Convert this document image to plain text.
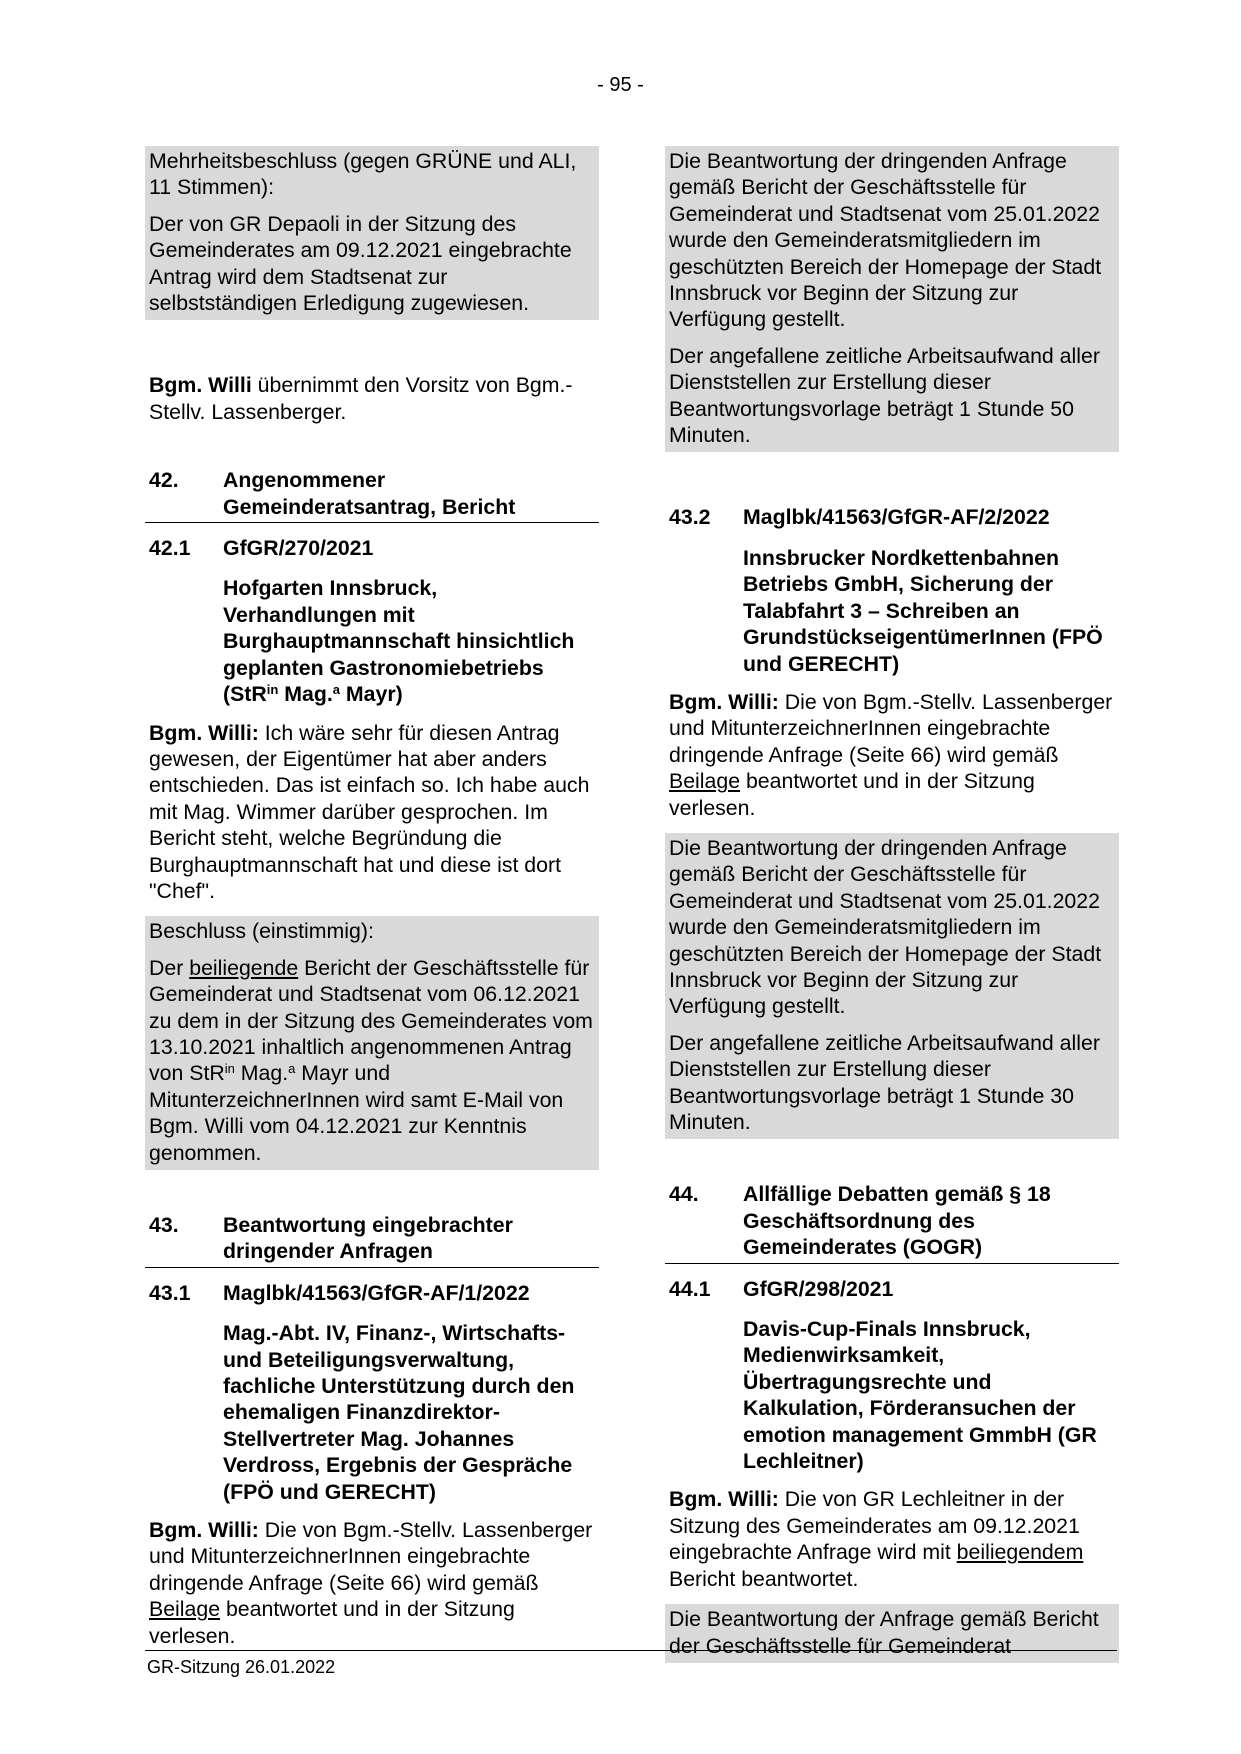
- 95 -

Mehrheitsbeschluss (gegen GRÜNE und ALI, 11 Stimmen):

Der von GR Depaoli in der Sitzung des Gemeinderates am 09.12.2021 eingebrachte Antrag wird dem Stadtsenat zur selbstständigen Erledigung zugewiesen.

Bgm. Willi übernimmt den Vorsitz von Bgm.-Stellv. Lassenberger.

42.	Angenommener Gemeinderatsantrag, Bericht
42.1	GfGR/270/2021

Hofgarten Innsbruck, Verhandlungen mit Burghauptmannschaft hinsichtlich geplanten Gastronomiebetriebs (StR$^{in}$ Mag.$^a$ Mayr)

Bgm. Willi: Ich wäre sehr für diesen Antrag gewesen, der Eigentümer hat aber anders entschieden. Das ist einfach so. Ich habe auch mit Mag. Wimmer darüber gesprochen. Im Bericht steht, welche Begründung die Burghauptmannschaft hat und diese ist dort "Chef".

Beschluss (einstimmig):

Der beiliegende Bericht der Geschäftsstelle für Gemeinderat und Stadtsenat vom 06.12.2021 zu dem in der Sitzung des Gemeinderates vom 13.10.2021 inhaltlich angenommenen Antrag von StR$^{in}$ Mag.$^a$ Mayr und MitunterzeichnerInnen wird samt E-Mail von Bgm. Willi vom 04.12.2021 zur Kenntnis genommen.

43.	Beantwortung eingebrachter dringender Anfragen
43.1	Maglbk/41563/GfGR-AF/1/2022

Mag.-Abt. IV, Finanz-, Wirtschafts- und Beteiligungsverwaltung, fachliche Unterstützung durch den ehemaligen Finanzdirektor-Stellvertreter Mag. Johannes Verdross, Ergebnis der Gespräche (FPÖ und GERECHT)

Bgm. Willi: Die von Bgm.-Stellv. Lassenberger und MitunterzeichnerInnen eingebrachte dringende Anfrage (Seite 66) wird gemäß Beilage beantwortet und in der Sitzung verlesen.

Die Beantwortung der dringenden Anfrage gemäß Bericht der Geschäftsstelle für Gemeinderat und Stadtsenat vom 25.01.2022 wurde den Gemeinderatsmitgliedern im geschützten Bereich der Homepage der Stadt Innsbruck vor Beginn der Sitzung zur Verfügung gestellt.

Der angefallene zeitliche Arbeitsaufwand aller Dienststellen zur Erstellung dieser Beantwortungsvorlage beträgt 1 Stunde 50 Minuten.

43.2	Maglbk/41563/GfGR-AF/2/2022

Innsbrucker Nordkettenbahnen Betriebs GmbH, Sicherung der Talabfahrt 3 – Schreiben an GrundstückseigentümerInnen (FPÖ und GERECHT)

Bgm. Willi: Die von Bgm.-Stellv. Lassenberger und MitunterzeichnerInnen eingebrachte dringende Anfrage (Seite 66) wird gemäß Beilage beantwortet und in der Sitzung verlesen.

Die Beantwortung der dringenden Anfrage gemäß Bericht der Geschäftsstelle für Gemeinderat und Stadtsenat vom 25.01.2022 wurde den Gemeinderatsmitgliedern im geschützten Bereich der Homepage der Stadt Innsbruck vor Beginn der Sitzung zur Verfügung gestellt.

Der angefallene zeitliche Arbeitsaufwand aller Dienststellen zur Erstellung dieser Beantwortungsvorlage beträgt 1 Stunde 30 Minuten.

44.	Allfällige Debatten gemäß § 18 Geschäftsordnung des Gemeinderates (GOGR)
44.1	GfGR/298/2021

Davis-Cup-Finals Innsbruck, Medienwirksamkeit, Übertragungsrechte und Kalkulation, Förderansuchen der emotion management GmmbH (GR Lechleitner)

Bgm. Willi: Die von GR Lechleitner in der Sitzung des Gemeinderates am 09.12.2021 eingebrachte Anfrage wird mit beiliegendem Bericht beantwortet.

Die Beantwortung der Anfrage gemäß Bericht der Geschäftsstelle für Gemeinderat

GR-Sitzung 26.01.2022
